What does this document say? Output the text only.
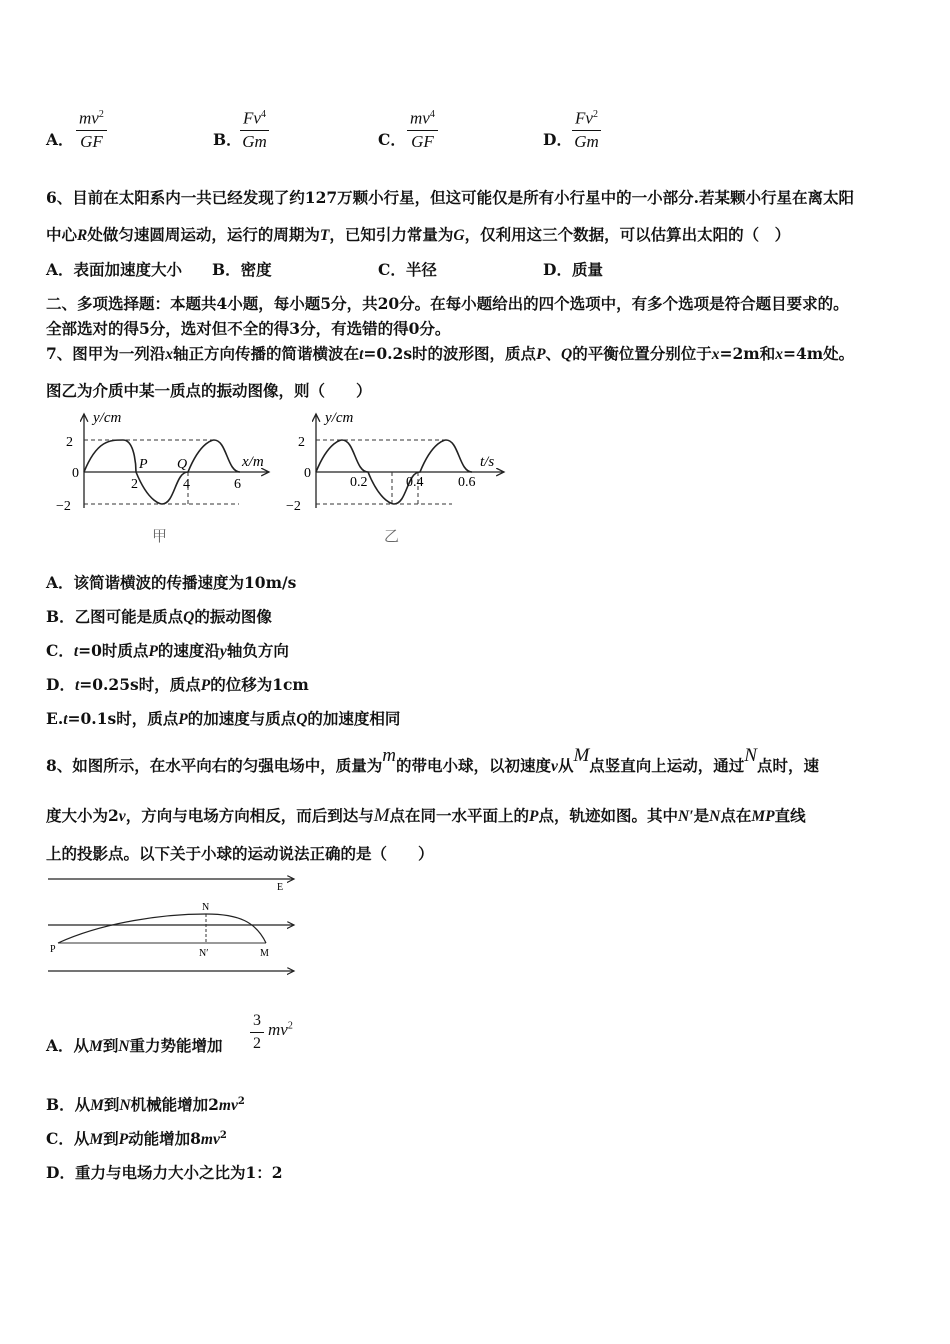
A． $\frac{mv^2}{GF}$	B．
$\frac{Fv^4}{Gm}$	C． $\frac{mv^4}{GF}$	D． $\frac{Fv^2}{Gm}$
6、目前在太阳系内一共已经发现了约127万颗小行星，但这可能仅是所有小行星中的一小部分.若某颗小行星在离太阳
中心R处做匀速圆周运动，运行的周期为T，已知引力常量为G，仅利用这三个数据，可以估算出太阳的（　）
A．表面加速度大小 B．密度	C．半径	D．质量
二、多项选择题：本题共4小题，每小题5分，共20分。在每小题给出的四个选项中，有多个选项是符合题目要求的。
全部选对的得5分，选对但不全的得3分，有选错的得0分。
7、图甲为一列沿x轴正方向传播的简谐横波在t=0.2s时的波形图，质点P、Q的平衡位置分别位于x=2m和x=4m处。
图乙为介质中某一质点的振动图像，则（　　）
y/cm
x/m
2
0
−2
2	4	6
P Q
甲
y/cm
t/s
2
0
−2
0.2	0.4 0.6
乙
A．该简谐横波的传播速度为10m/s
B．乙图可能是质点Q的振动图像
C．t=0时质点P的速度沿y轴负方向
D．t=0.25s时，质点P的位移为1cm
E.t=0.1s时，质点P的加速度与质点Q的加速度相同
8、如图所示，在水平向右的匀强电场中，质量为m的带电小球，以初速度v从M点竖直向上运动，通过N点时，速
度大小为2v，方向与电场方向相反，而后到达与M点在同一水平面上的P点，轨迹如图。其中N′是N点在MP直线
上的投影点。以下关于小球的运动说法正确的是（　　）
E
N
N′
P	M
A．从M到N重力势能增加 $\frac{3}{2} mv^2$
B．从M到N机械能增加$2mv^2$
C．从M到P动能增加$8mv^2$
D．重力与电场力大小之比为1：2
